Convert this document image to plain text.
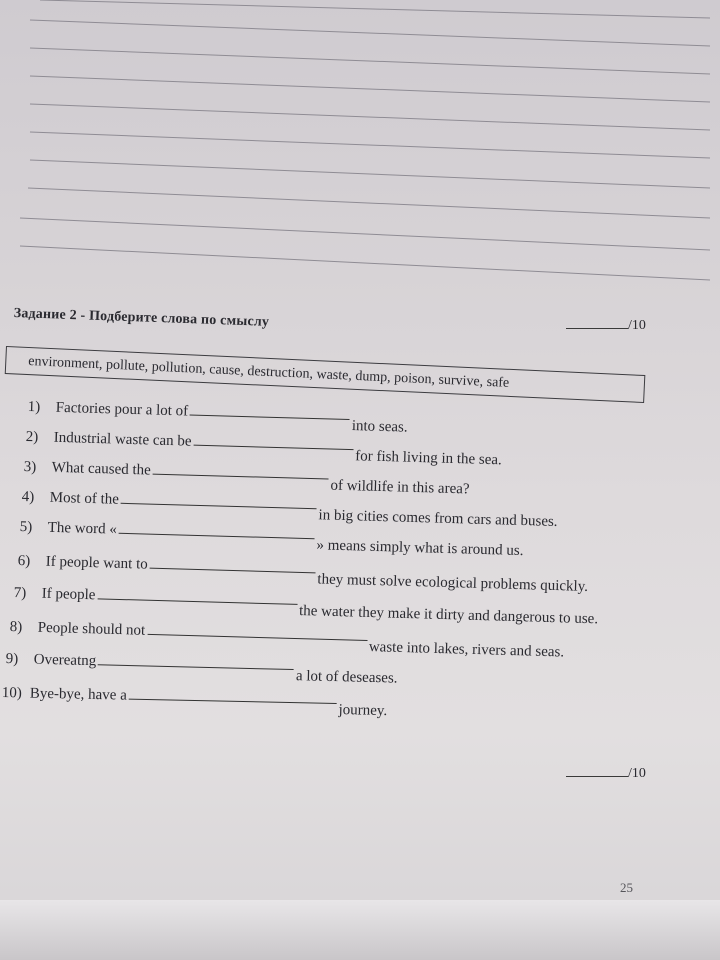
Задание 2 - Подберите слова по смыслу	/10
environment, pollute, pollution, cause, destruction, waste, dump, poison, survive, safe
1) Factories pour a lot ofinto seas.
2) Industrial waste can befor fish living in the sea.
3) What caused theof wildlife in this area?
4) Most of thein big cities comes from cars and buses.
5) The word «» means simply what is around us.
6) If people want tothey must solve ecological problems quickly.
7) If peoplethe water they make it dirty and dangerous to use.
8) People should notwaste into lakes, rivers and seas.
9) Overeatnga lot of deseases.
10) Bye-bye, have ajourney.
/10
25
